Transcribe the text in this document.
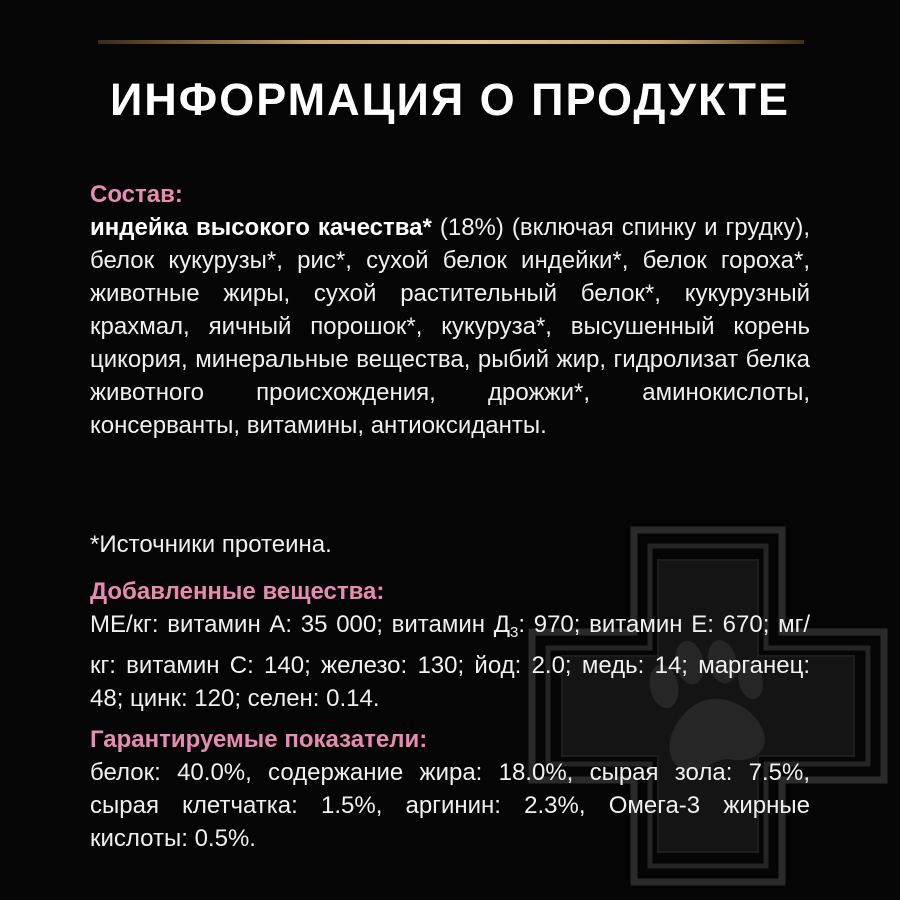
ИНФОРМАЦИЯ О ПРОДУКТЕ
Состав:
индейка высокого качества* (18%) (включая спинку и грудку), белок кукурузы*, рис*, сухой белок индейки*, белок гороха*, животные жиры, сухой растительный белок*, кукурузный крахмал, яичный порошок*, кукуруза*, высушенный корень цикория, минеральные вещества, рыбий жир, гидролизат белка животного происхождения, дрожжи*, аминокислоты, консерванты, витамины, антиоксиданты.
*Источники протеина.
Добавленные вещества:
МЕ/кг: витамин А: 35 000; витамин $Д_3$: 970; витамин Е: 670; мг/кг: витамин С: 140; железо: 130; йод: 2.0; медь: 14; марганец: 48; цинк: 120; селен: 0.14.
Гарантируемые показатели:
белок: 40.0%, содержание жира: 18.0%, сырая зола: 7.5%, сырая клетчатка: 1.5%, аргинин: 2.3%, Омега-3 жирные кислоты: 0.5%.
